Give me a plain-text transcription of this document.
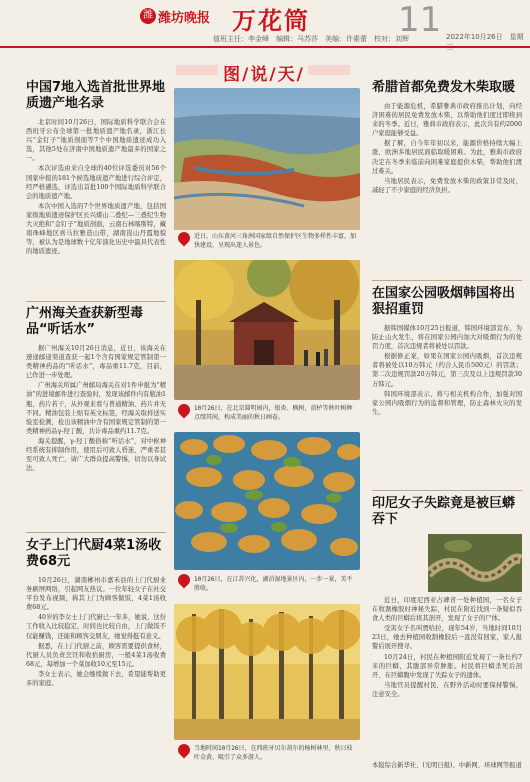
潍 潍坊晚报 万花筒	11 2022年10月26日　星期
值班主任：李金峰　编辑：马苏莎　美编：许素蕾　校对：刘辉
中国7地入选首批世界地质遗产地名录

北京时间10月26日，国际地质科学联合会在西班牙公布全球第一批地质遗产地名录，浙江长兴“金钉子”地质剖面等7个中国地质遗迹成功入选，其他5处在济南中国地质遗产地最多的国家之一。

本次评选由来自全球的40位评选委员对56个国家申报的181个候选地质遗产地进行综合评定，经严格遴选，评选出首批100个国际地质科学联合会的地质遗产地。

本次中国入选的7个世界地质遗产地，包括国家级地质遗迹保护区长兴煤山二叠纪—三叠纪生物大灭绝和“金钉子”地质剖面，云南石林喀斯特，藏南珠峰地区喜马拉雅造山带，湖南崀山丹霞地貌等，被认为是地球数十亿年演化历史中最具代表性的地质遗迹。

广州海关查获新型毒品“听话水”

据广州海关10月26日消息，近日，该海关在速递邮递渠道查获一起1个含有国家规定管制第一类精神药品的“听话水”，毒品重11.7克，目前，已作进一步处理。

广州海关所属广州邮局海关在对1件申报为“精油”的进境邮件进行查验时，发现该邮件内有瓶油1瓶，药片若干，从外观来看与普通精油、药片并无不同。精油包装上贴有英文标签，经海关取样送实验室检测，检出该精油中含有国家规定管制的第一类精神药品γ-羟丁酸，共计毒品重约11.7克。

海关提醒，γ-羟丁酸俗称“听话水”，对中枢神经系统有抑制作用，使用后可致人昏迷，严重者甚至可致人死亡，请广大群众提高警惕，切勿以身试法。

女子上门代厨4菜1汤收费68元

10月26日，湖南郴州市嘉禾县的上门代厨业务刷屏网络，引起网友热议。一位年轻女子在社交平台发布视频，称其上门为顾客做饭，4菜1汤收费68元。

40岁的李女士上门代厨已一年多，她说，这份工作收入比较稳定，时间也比较自由，上门做饭不仅能赚钱，还能和顾客交朋友，她觉得挺有意义。

据悉，在上门代厨之前，顾客需要提供食材，代厨人员负责烹饪和收拾厨房，一般4菜1汤收费68元，每增加一个菜加收10元至15元。

李女士表示，她会继续做下去，希望能帮助更多的家庭。

图/说/天/
近日，山东黄河三角洲国家级自然保护区生物多样性丰富，加快建设，呈现出迷人景色。
10月26日，在北京圆明园内，银杏、枫树，黄栌等秋叶树种点缀其间，构成美丽的秋日画卷。
10月26日，在江苏兴化，湖泊湿地景区内，一步一景，美不胜收。
当地时间10月26日，在西班牙贝尔胡尔的杨树林里，秋日枝叶金黄，吸引了众多游人。
希腊首都免费发木柴取暖

由于能源危机，希腊雅典市政府推出计划，向经济困难的居民免费发放木柴，以帮助他们度过即将到来的冬季。近日，雅典市政府表示，此次共有约2000户家庭能够受益。

据了解，自今年年初以来，能源价格持续大幅上涨，欧洲多地居民面临取暖困难。为此，雅典市政府决定在冬季来临前向困难家庭提供木柴，帮助他们渡过难关。

当地居民表示，免费发放木柴的政策非常及时，减轻了不少家庭的经济负担。

在国家公园吸烟韩国将出狠招重罚

据韩国媒体10月25日报道，韩国环境部宣布，为防止山火发生，将在国家公园内加大对吸烟行为的处罚力度，首次违规者将被处以罚款。

根据修正案，如果在国家公园内吸烟，首次违规者将被处以10万韩元（约合人民币500元）的罚款；第二次违规罚款20万韩元，第三次及以上违规罚款30万韩元。

韩国环境部表示，将与相关机构合作，加强对国家公园内吸烟行为的监督和管理，防止森林火灾的发生。

印尼女子失踪竟是被巨蟒吞下

近日，印度尼西亚占碑省一处种植园，一名女子在收割橡胶时神秘失踪，村民在附近找到一条疑似吞食人类的巨蟒后将其剖开，发现了女子的尸体。

受害女子名叫贾哈拉，现年54岁，当地时间10月23日，她去种植园收割橡胶后一直没有回家，家人报警后展开搜寻。

10月24日，村民在种植园附近发现了一条长约7米的巨蟒，其腹部异常肿胀。村民将巨蟒杀死后剖开，在巨蟒腹中发现了失踪女子的遗体。

当地官员提醒村民，在野外活动时要保持警惕，注意安全。

本报综合新华社、(光明日报)、中新网、环球网等报道
